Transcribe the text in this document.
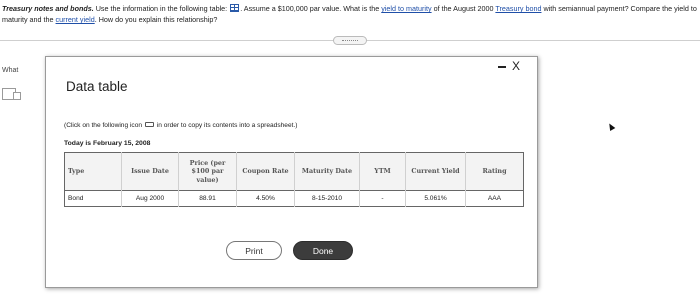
Treasury notes and bonds. Use the information in the following table: . Assume a $100,000 par value. What is the yield to maturity of the August 2000 Treasury bond with semiannual payment? Compare the yield to maturity and the current yield. How do you explain this relationship?
What
Data table
(Click on the following icon  in order to copy its contents into a spreadsheet.)
Today is February 15, 2008
Type	Issue Date	Price (per $100 par value)	Coupon Rate	Maturity Date	YTM	Current Yield	Rating
Bond	Aug 2000	88.91	4.50%	8-15-2010	-	5.061%	AAA
Print	Done
X
